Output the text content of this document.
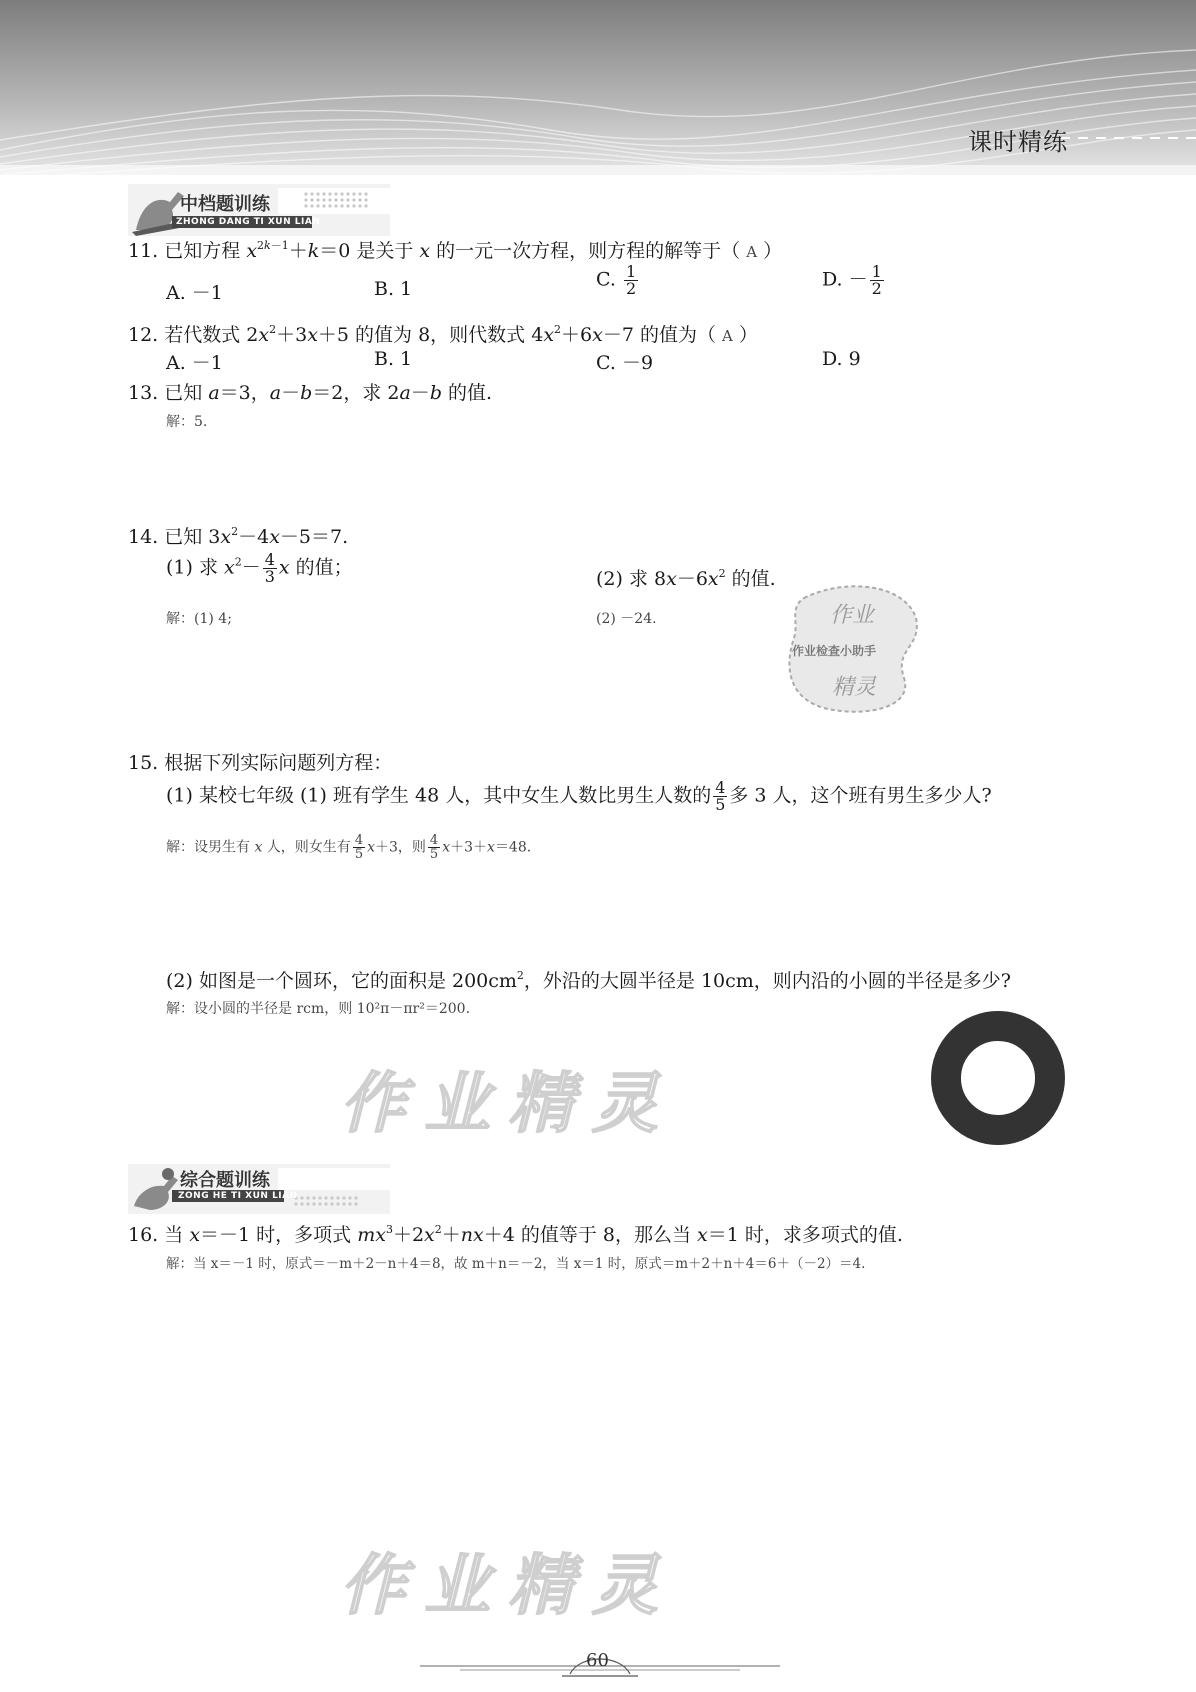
课时精练
中档题训练
ZHONG DANG TI XUN LIAN
11. 已知方程 $x^{2k-1}+k=0$ 是关于 x 的一元一次方程，则方程的解等于（ A ）
A. －1	B. 1	C. $\frac{1}{2}$	D. － $\frac{1}{2}$
12. 若代数式 $2x^2+3x+5$ 的值为 8，则代数式 $4x^2+6x-7$ 的值为（ A ）
A. －1	B. 1	C. －9	D. 9
13. 已知 a＝3，a－b＝2，求 2a－b 的值.
解：5.
14. 已知 $3x^2-4x-5=7$.
(1) 求 $x^2- \frac{4}{3}$ x 的值；
(2) 求 $8x-6x^2$ 的值.
解：(1) 4;	(2) －24.	作业
作业检查小助手
精灵
15. 根据下列实际问题列方程：
(1) 某校七年级 (1) 班有学生 48 人，其中女生人数比男生人数的 $\frac{4}{5}$ 多 3 人，这个班有男生多少人?
解：设男生有 x 人，则女生有 $\frac{4}{5} x+3$，则 $\frac{4}{5} x+3+x=48$.
(2) 如图是一个圆环，它的面积是 $200cm^2$，外沿的大圆半径是 10cm，则内沿的小圆的半径是多少?
解：设小圆的半径是 rcm，则 10²π－πr²＝200.
作业精灵
综合题训练
ZONG HE TI XUN LIAN
16. 当 x＝－1 时，多项式 $mx^3+2x^2+nx+4$ 的值等于 8，那么当 x＝1 时，求多项式的值.
解：当 x＝－1 时，原式＝－m＋2－n＋4＝8，故 m＋n＝－2，当 x＝1 时，原式＝m＋2＋n＋4＝6＋（－2）＝4.
作业精灵
60
